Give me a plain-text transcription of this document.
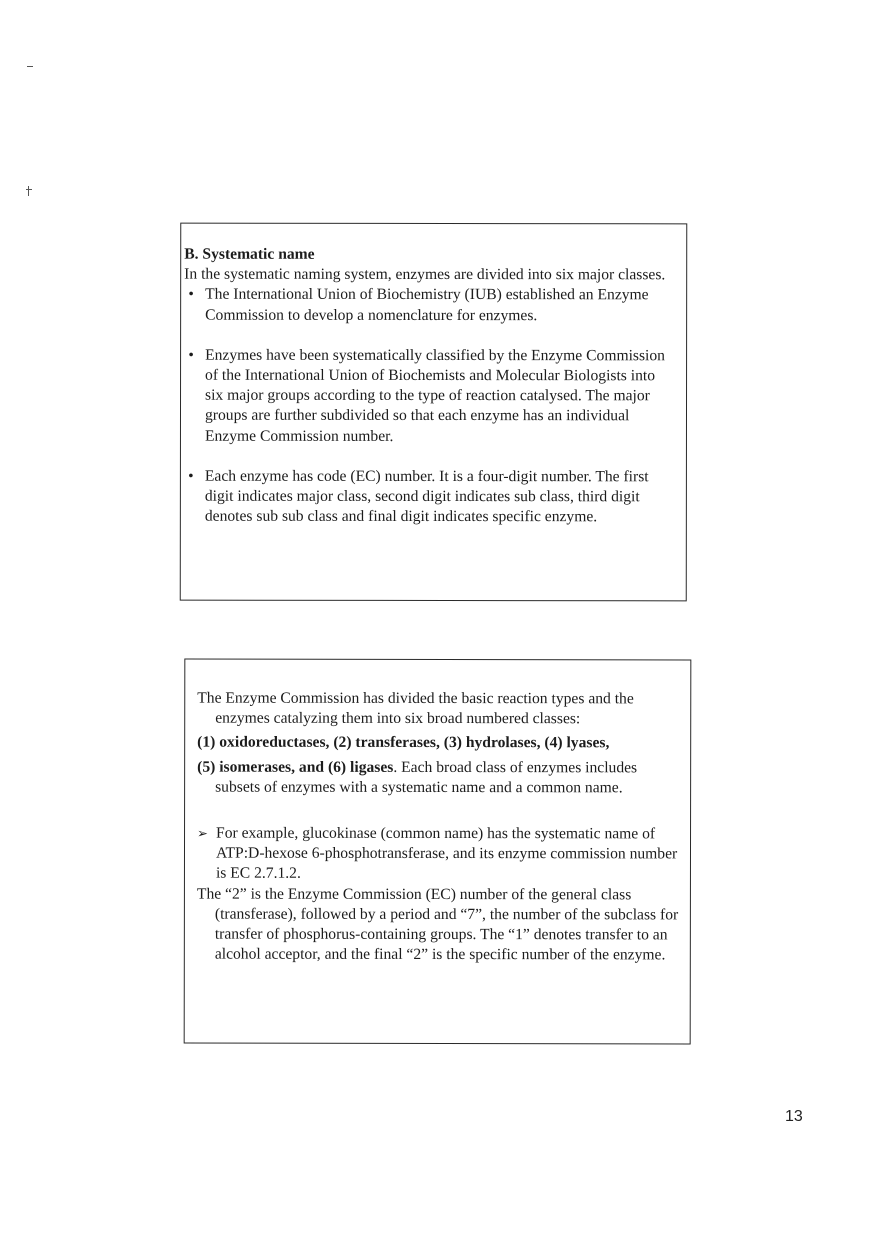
B. Systematic name

In the systematic naming system, enzymes are divided into six major classes.

• The International Union of Biochemistry (IUB) established an Enzyme Commission to develop a nomenclature for enzymes.
• Enzymes have been systematically classified by the Enzyme Commission of the International Union of Biochemists and Molecular Biologists into six major groups according to the type of reaction catalysed. The major groups are further subdivided so that each enzyme has an individual Enzyme Commission number.
• Each enzyme has code (EC) number. It is a four-digit number. The first digit indicates major class, second digit indicates sub class, third digit denotes sub sub class and final digit indicates specific enzyme.

The Enzyme Commission has divided the basic reaction types and the enzymes catalyzing them into six broad numbered classes:

(1) oxidoreductases, (2) transferases, (3) hydrolases, (4) lyases,

(5) isomerases, and (6) ligases. Each broad class of enzymes includes subsets of enzymes with a systematic name and a common name.

➢ For example, glucokinase (common name) has the systematic name of ATP:D-hexose 6-phosphotransferase, and its enzyme commission number is EC 2.7.1.2.

The “2” is the Enzyme Commission (EC) number of the general class (transferase), followed by a period and “7”, the number of the subclass for transfer of phosphorus-containing groups. The “1” denotes transfer to an alcohol acceptor, and the final “2” is the specific number of the enzyme.

13
